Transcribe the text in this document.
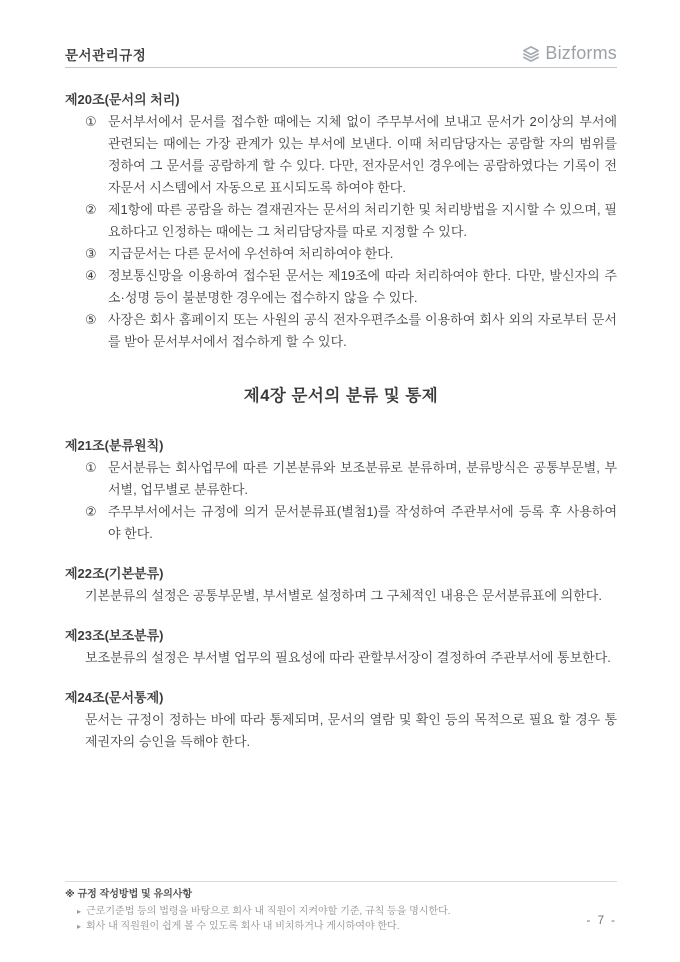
문서관리규정	Bizforms
제20조(문서의 처리)
① 문서부서에서 문서를 접수한 때에는 지체 없이 주무부서에 보내고 문서가 2이상의 부서에 관련되는 때에는 가장 관계가 있는 부서에 보낸다. 이때 처리담당자는 공람할 자의 범위를 정하여 그 문서를 공람하게 할 수 있다. 다만, 전자문서인 경우에는 공람하였다는 기록이 전자문서 시스템에서 자동으로 표시되도록 하여야 한다.
② 제1항에 따른 공람을 하는 결재권자는 문서의 처리기한 및 처리방법을 지시할 수 있으며, 필요하다고 인정하는 때에는 그 처리담당자를 따로 지정할 수 있다.
③ 지급문서는 다른 문서에 우선하여 처리하여야 한다.
④ 정보통신망을 이용하여 접수된 문서는 제19조에 따라 처리하여야 한다. 다만, 발신자의 주소·성명 등이 불분명한 경우에는 접수하지 않을 수 있다.
⑤ 사장은 회사 홈페이지 또는 사원의 공식 전자우편주소를 이용하여 회사 외의 자로부터 문서를 받아 문서부서에서 접수하게 할 수 있다.
제4장 문서의 분류 및 통제
제21조(분류원칙)
① 문서분류는 회사업무에 따른 기본분류와 보조분류로 분류하며, 분류방식은 공통부문별, 부서별, 업무별로 분류한다.
② 주무부서에서는 규정에 의거 문서분류표(별첨1)를 작성하여 주관부서에 등록 후 사용하여야 한다.
제22조(기본분류)
기본분류의 설정은 공통부문별, 부서별로 설정하며 그 구체적인 내용은 문서분류표에 의한다.
제23조(보조분류)
보조분류의 설정은 부서별 업무의 필요성에 따라 관할부서장이 결정하여 주관부서에 통보한다.
제24조(문서통제)
문서는 규정이 정하는 바에 따라 통제되며, 문서의 열람 및 확인 등의 목적으로 필요 할 경우 통제권자의 승인을 득해야 한다.
※ 규정 작성방법 및 유의사항
▸ 근로기준법 등의 법령을 바탕으로 회사 내 직원이 지켜야할 기준, 규칙 등을 명시한다.
▸ 회사 내 직원원이 쉽게 볼 수 있도록 회사 내 비치하거나 게시하여야 한다.	- 7 -
